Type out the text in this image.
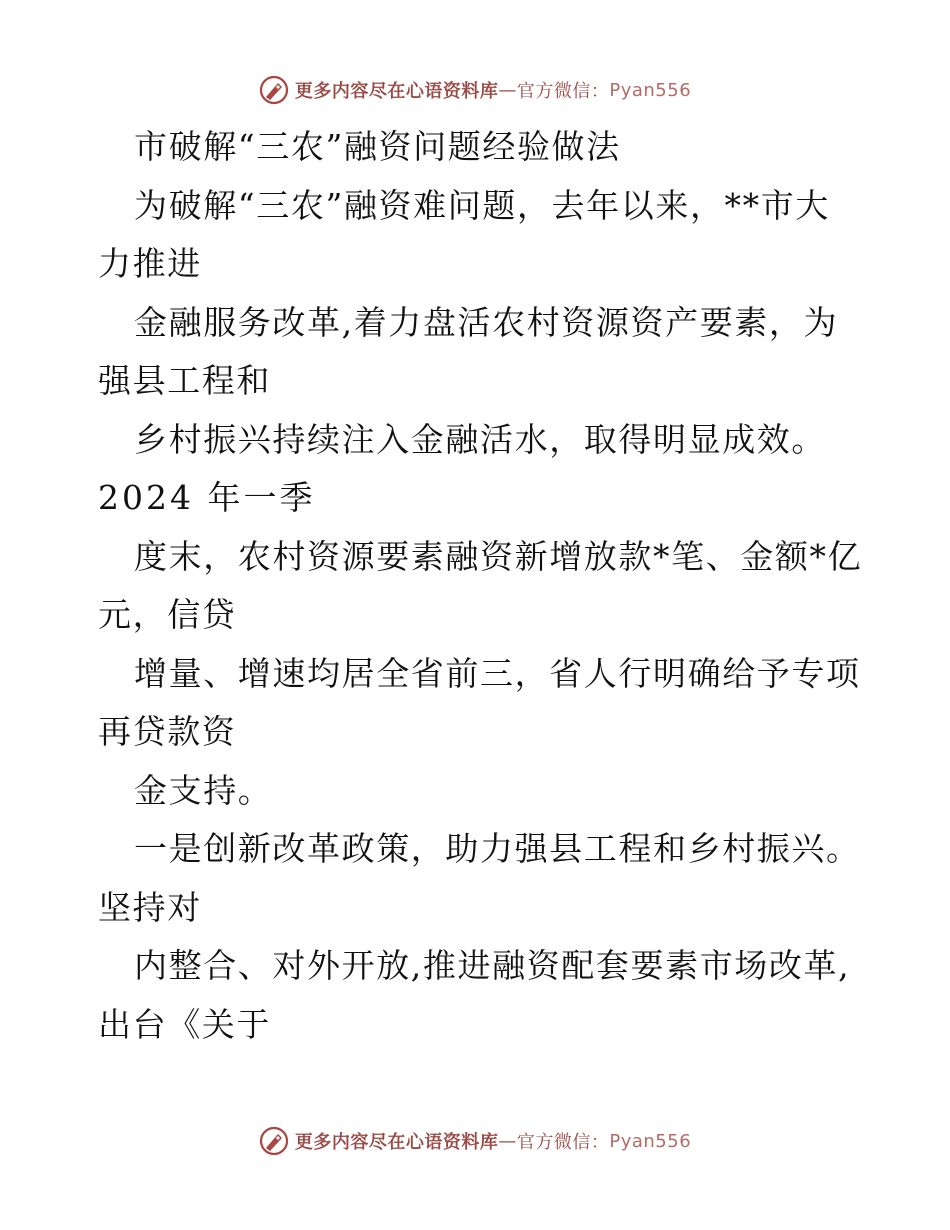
更多内容尽在心语资料库 — 官方微信： Pyan556
市破解“三农”融资问题经验做法
为破解“三农”融资难问题，去年以来，**市大
力推进
金融服务改革,着力盘活农村资源资产要素，为
强县工程和
乡村振兴持续注入金融活水，取得明显成效。
2024 年一季
度末，农村资源要素融资新增放款*笔、金额*亿
元，信贷
增量、增速均居全省前三，省人行明确给予专项
再贷款资
金支持。
一是创新改革政策，助力强县工程和乡村振兴。
坚持对
内整合、对外开放,推进融资配套要素市场改革,
出台《关于
更多内容尽在心语资料库 — 官方微信： Pyan556
